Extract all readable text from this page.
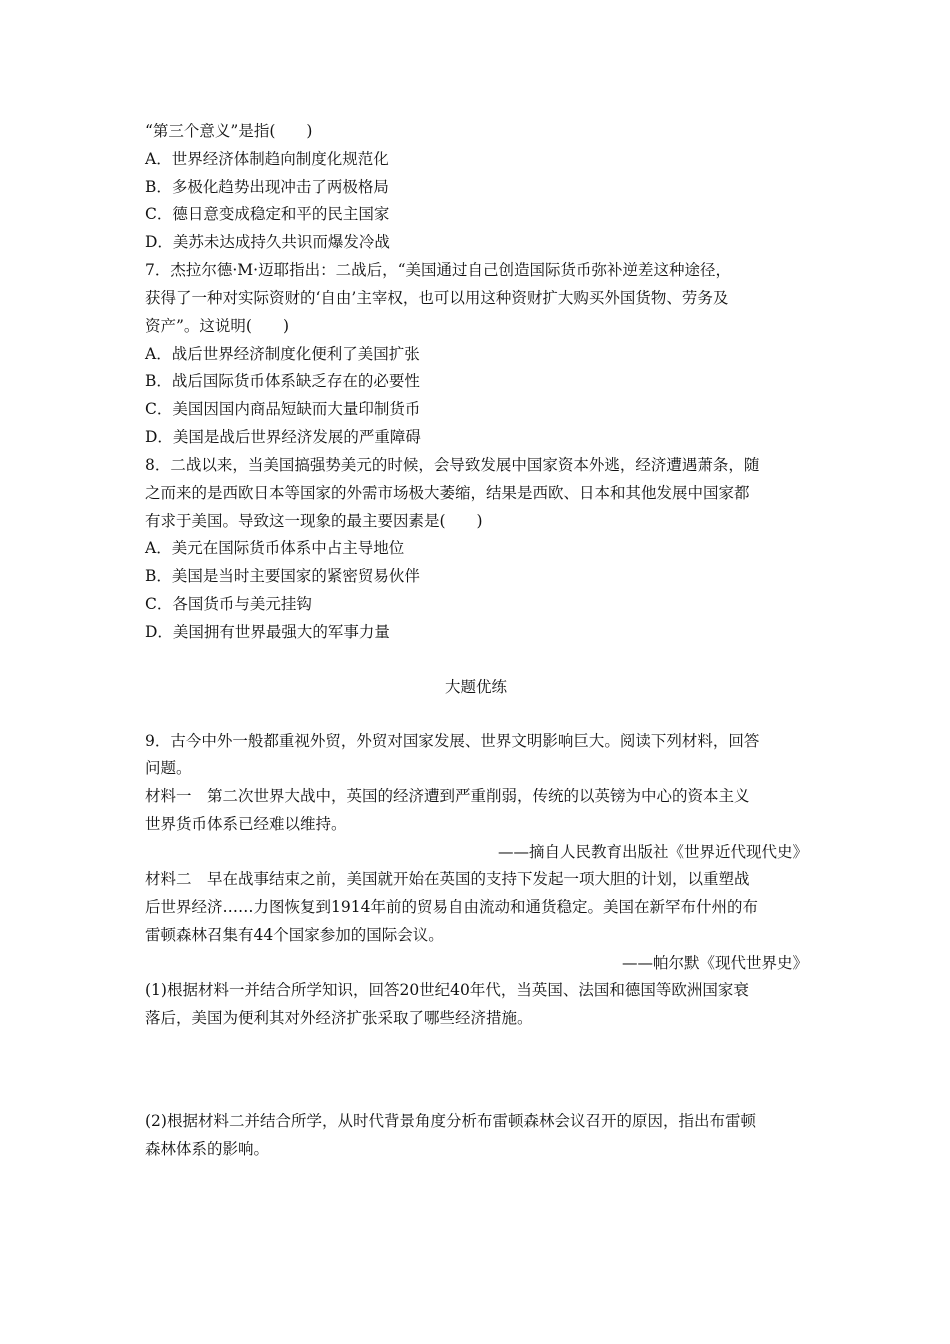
“第三个意义”是指(　　)
A．世界经济体制趋向制度化规范化
B．多极化趋势出现冲击了两极格局
C．德日意变成稳定和平的民主国家
D．美苏未达成持久共识而爆发冷战
7．杰拉尔德·M·迈耶指出：二战后，“美国通过自己创造国际货币弥补逆差这种途径，
获得了一种对实际资财的‘自由’主宰权，也可以用这种资财扩大购买外国货物、劳务及
资产”。这说明(　　)
A．战后世界经济制度化便利了美国扩张
B．战后国际货币体系缺乏存在的必要性
C．美国因国内商品短缺而大量印制货币
D．美国是战后世界经济发展的严重障碍
8．二战以来，当美国搞强势美元的时候，会导致发展中国家资本外逃，经济遭遇萧条，随
之而来的是西欧日本等国家的外需市场极大萎缩，结果是西欧、日本和其他发展中国家都
有求于美国。导致这一现象的最主要因素是(　　)
A．美元在国际货币体系中占主导地位
B．美国是当时主要国家的紧密贸易伙伴
C．各国货币与美元挂钩
D．美国拥有世界最强大的军事力量
大题优练
9．古今中外一般都重视外贸，外贸对国家发展、世界文明影响巨大。阅读下列材料，回答
问题。
材料一　第二次世界大战中，英国的经济遭到严重削弱，传统的以英镑为中心的资本主义
世界货币体系已经难以维持。
——摘自人民教育出版社《世界近代现代史》
材料二　早在战事结束之前，美国就开始在英国的支持下发起一项大胆的计划，以重塑战
后世界经济……力图恢复到1914年前的贸易自由流动和通货稳定。美国在新罕布什州的布
雷顿森林召集有44个国家参加的国际会议。
——帕尔默《现代世界史》
(1)根据材料一并结合所学知识，回答20世纪40年代，当英国、法国和德国等欧洲国家衰
落后，美国为便利其对外经济扩张采取了哪些经济措施。
(2)根据材料二并结合所学，从时代背景角度分析布雷顿森林会议召开的原因，指出布雷顿
森林体系的影响。
